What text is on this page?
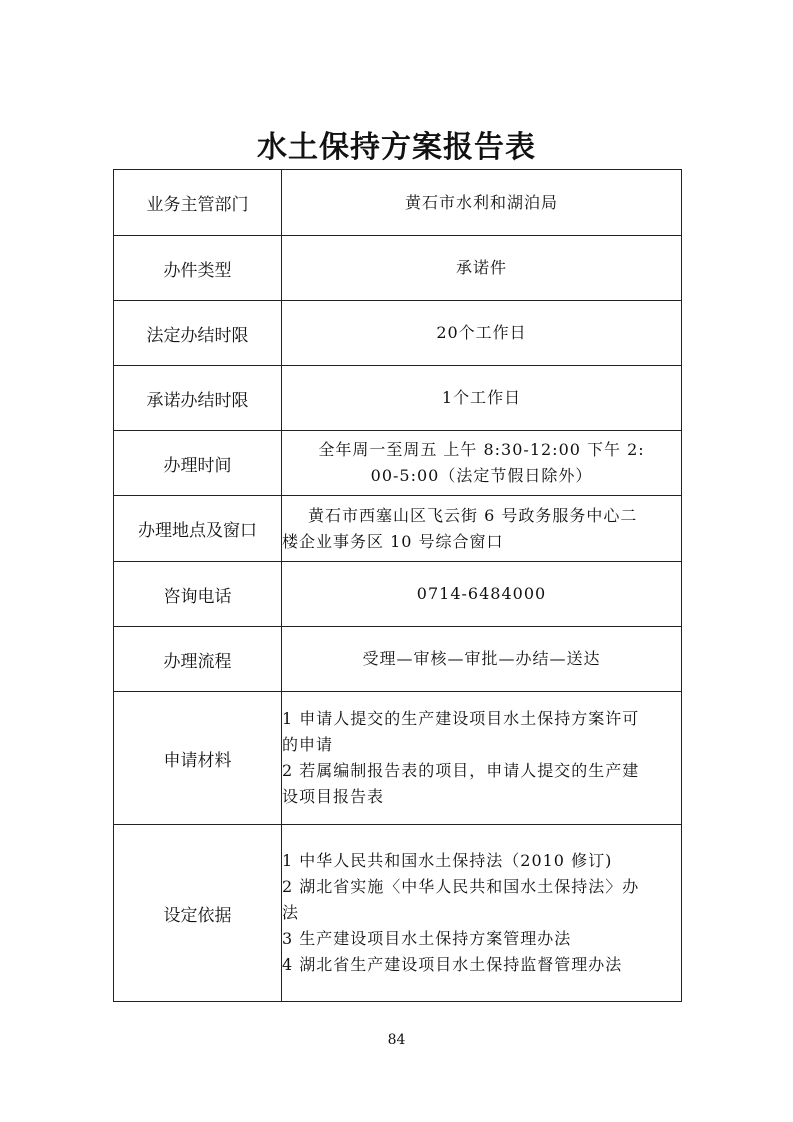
水土保持方案报告表
业务主管部门	黄石市水利和湖泊局
办件类型	承诺件
法定办结时限	20个工作日
承诺办结时限	1个工作日
办理时间	全年周一至周五 上午 8:30-12:00 下午 2:
00-5:00（法定节假日除外）

办理地点及窗口	黄石市西塞山区飞云街 6 号政务服务中心二
楼企业事务区 10 号综合窗口

咨询电话	0714-6484000
办理流程	受理—审核—审批—办结—送达
申请材料	1 申请人提交的生产建设项目水土保持方案许可
的申请
2 若属编制报告表的项目，申请人提交的生产建
设项目报告表

设定依据	1 中华人民共和国水土保持法（2010 修订)
2 湖北省实施〈中华人民共和国水土保持法〉办
法
3 生产建设项目水土保持方案管理办法
4 湖北省生产建设项目水土保持监督管理办法
84
